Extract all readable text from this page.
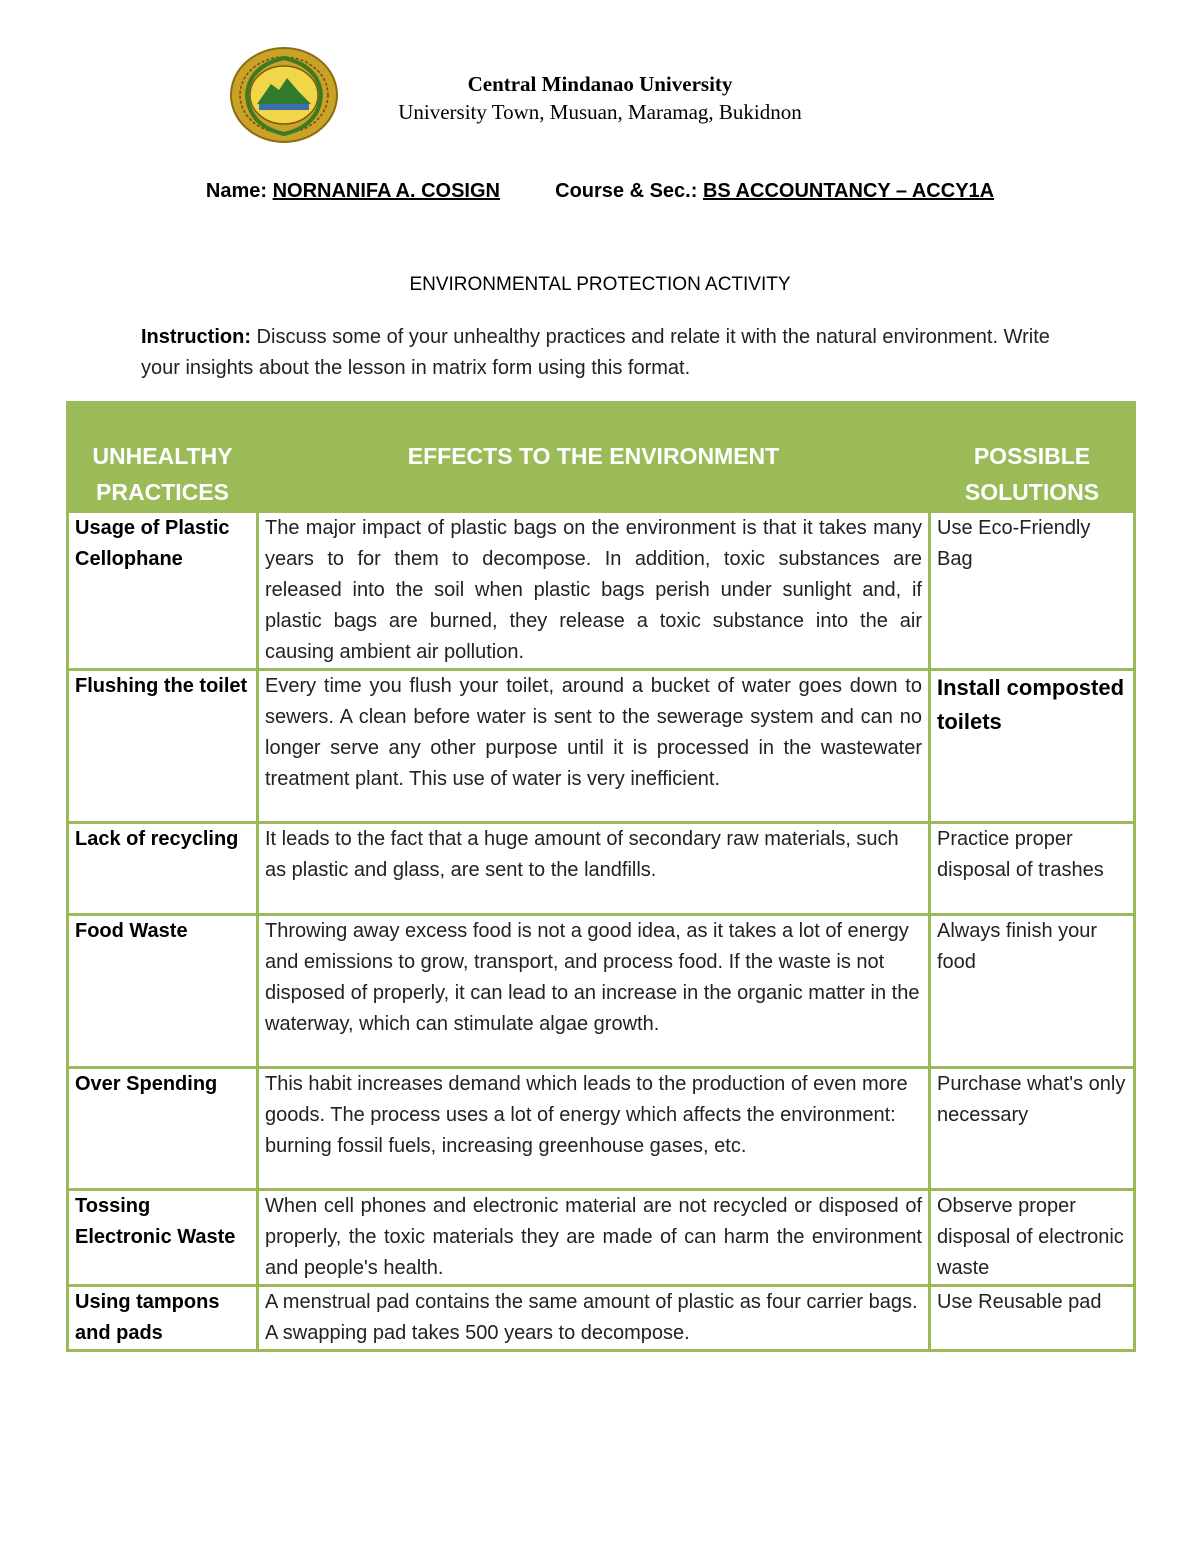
Central Mindanao University
University Town, Musuan, Maramag, Bukidnon
Name: NORNANIFA A. COSIGN	Course & Sec.: BS ACCOUNTANCY – ACCY1A
ENVIRONMENTAL PROTECTION ACTIVITY
Instruction: Discuss some of your unhealthy practices and relate it with the natural environment. Write your insights about the lesson in matrix form using this format.
UNHEALTHY PRACTICES	EFFECTS TO THE ENVIRONMENT	POSSIBLE SOLUTIONS
Usage of Plastic Cellophane	The major impact of plastic bags on the environment is that it takes many years to for them to decompose. In addition, toxic substances are released into the soil when plastic bags perish under sunlight and, if plastic bags are burned, they release a toxic substance into the air causing ambient air pollution.	Use Eco-Friendly Bag
Flushing the toilet	Every time you flush your toilet, around a bucket of water goes down to sewers. A clean before water is sent to the sewerage system and can no longer serve any other purpose until it is processed in the wastewater treatment plant. This use of water is very inefficient.	Install composted toilets
Lack of recycling	It leads to the fact that a huge amount of secondary raw materials, such as plastic and glass, are sent to the landfills.	Practice proper disposal of trashes
Food Waste	Throwing away excess food is not a good idea, as it takes a lot of energy and emissions to grow, transport, and process food. If the waste is not disposed of properly, it can lead to an increase in the organic matter in the waterway, which can stimulate algae growth.	Always finish your food
Over Spending	This habit increases demand which leads to the production of even more goods. The process uses a lot of energy which affects the environment: burning fossil fuels, increasing greenhouse gases, etc.	Purchase what's only necessary
Tossing Electronic Waste	When cell phones and electronic material are not recycled or disposed of properly, the toxic materials they are made of can harm the environment and people's health.	Observe proper disposal of electronic waste
Using tampons and pads	A menstrual pad contains the same amount of plastic as four carrier bags. A swapping pad takes 500 years to decompose.	Use Reusable pad
